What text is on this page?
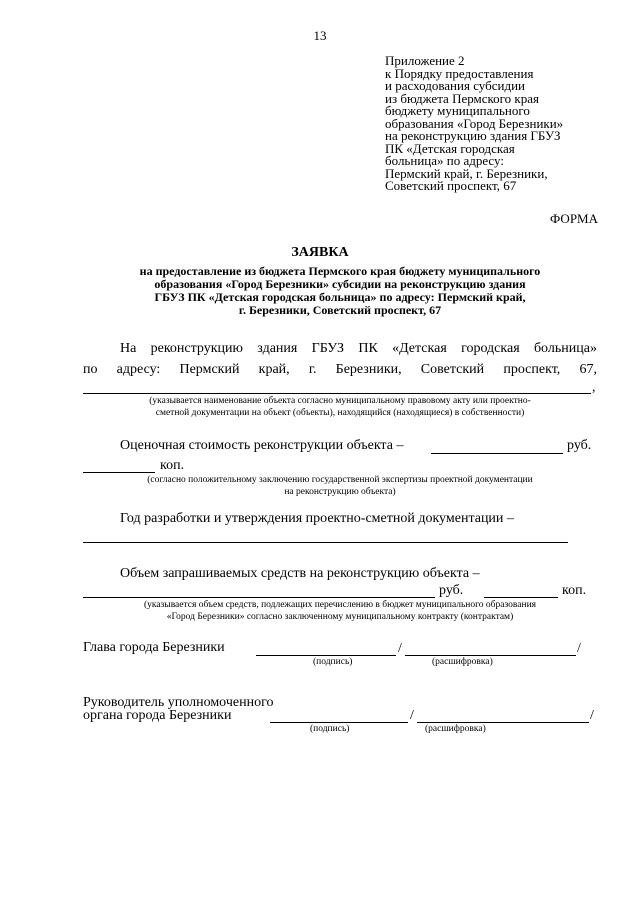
13
Приложение 2
к Порядку предоставления
и расходования субсидии
из бюджета Пермского края
бюджету муниципального
образования «Город Березники»
на реконструкцию здания ГБУЗ
ПК «Детская городская
больница» по адресу:
Пермский край, г. Березники,
Советский проспект, 67
ФОРМА
ЗАЯВКА
на предоставление из бюджета Пермского края бюджету муниципального
образования «Город Березники» субсидии на реконструкцию здания
ГБУЗ ПК «Детская городская больница» по адресу: Пермский край,
г. Березники, Советский проспект, 67
На реконструкцию здания ГБУЗ ПК «Детская городская больница»
по адресу: Пермский край, г. Березники, Советский проспект, 67,
,
(указывается наименование объекта согласно муниципальному правовому акту или проектно-
сметной документации на объект (объекты), находящийся (находящиеся) в собственности)
Оценочная стоимость реконструкции объекта –	руб.
коп.
(согласно положительному заключению государственной экспертизы проектной документации
на реконструкцию объекта)
Год разработки и утверждения проектно-сметной документации –
Объем запрашиваемых средств на реконструкцию объекта –
руб.	коп.
(указывается объем средств, подлежащих перечислению в бюджет муниципального образования
«Город Березники» согласно заключенному муниципальному контракту (контрактам)
Глава города Березники	/	/
(подпись)	(расшифровка)
Руководитель уполномоченного
органа города Березники	/	/
(подпись)	(расшифровка)
